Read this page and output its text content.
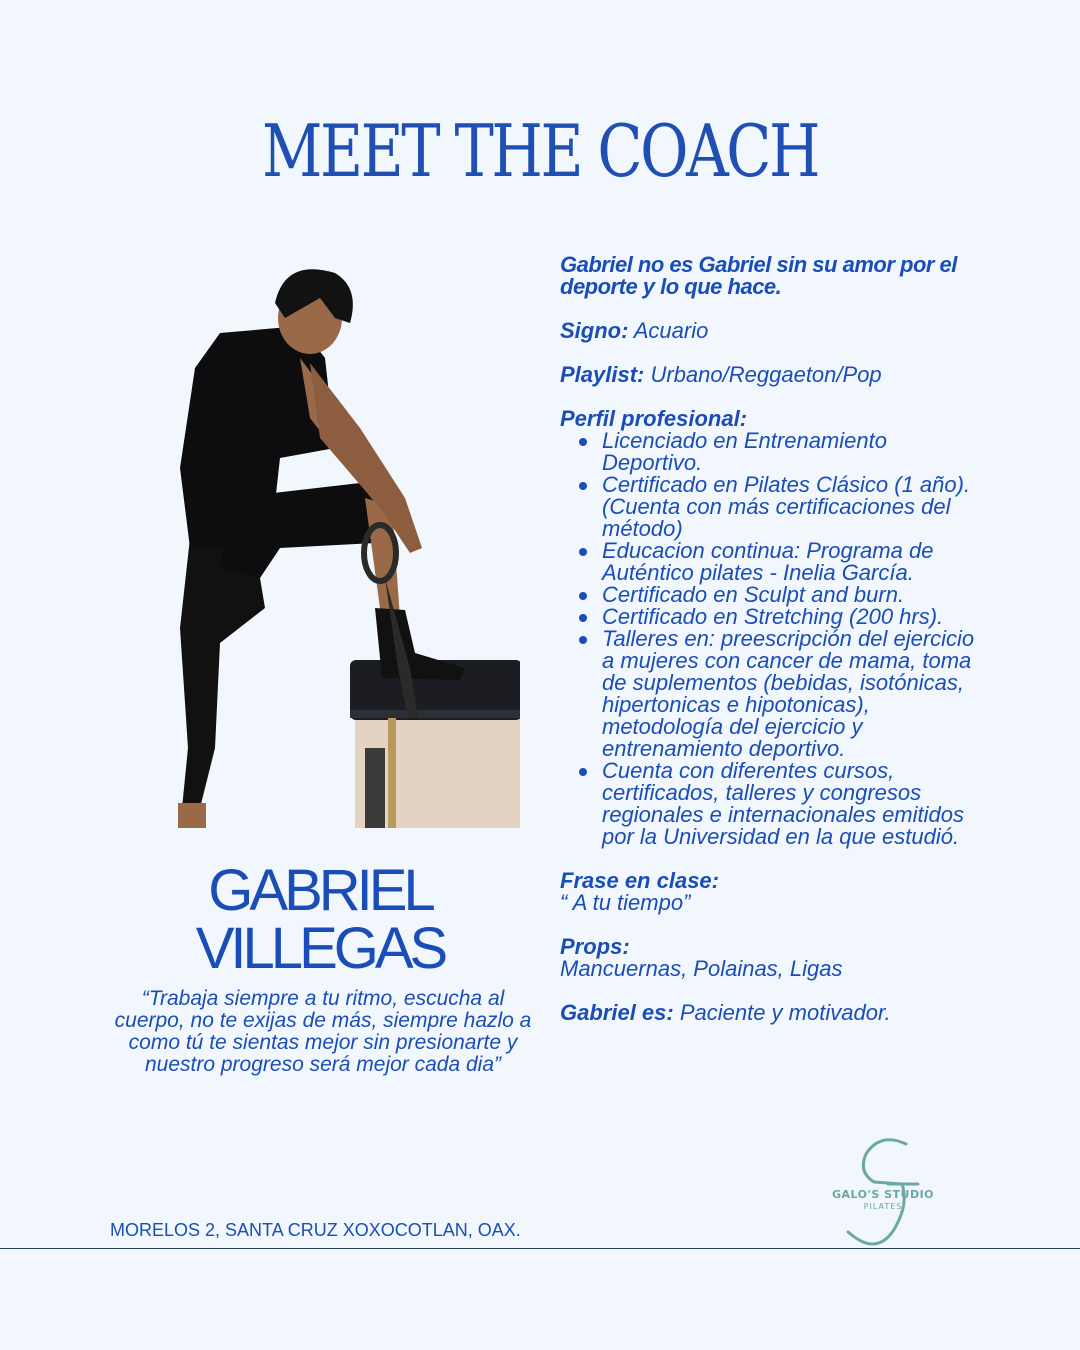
MEET THE COACH
GABRIEL
VILLEGAS

“Trabaja siempre a tu ritmo, escucha al cuerpo, no te exijas de más, siempre hazlo a como tú te sientas mejor sin presionarte y nuestro progreso será mejor cada dia”

Gabriel no es Gabriel sin su amor por el deporte y lo que hace.

Signo: Acuario

Playlist: Urbano/Reggaeton/Pop

Perfil profesional:

Licenciado en Entrenamiento Deportivo.
Certificado en Pilates Clásico (1 año). (Cuenta con más certificaciones del método)
Educacion continua: Programa de Auténtico pilates - Inelia García.
Certificado en Sculpt and burn.
Certificado en Stretching (200 hrs).
Talleres en: preescripción del ejercicio a mujeres con cancer de mama, toma de suplementos (bebidas, isotónicas, hipertonicas e hipotonicas), metodología del ejercicio y entrenamiento deportivo.
Cuenta con diferentes cursos, certificados, talleres y congresos regionales e internacionales emitidos por la Universidad en la que estudió.

Frase en clase:
“ A tu tiempo”

Props:
Mancuernas, Polainas, Ligas

Gabriel es: Paciente y motivador.

GALO'S STUDIO
PILATES

MORELOS 2, SANTA CRUZ XOXOCOTLAN, OAX.
